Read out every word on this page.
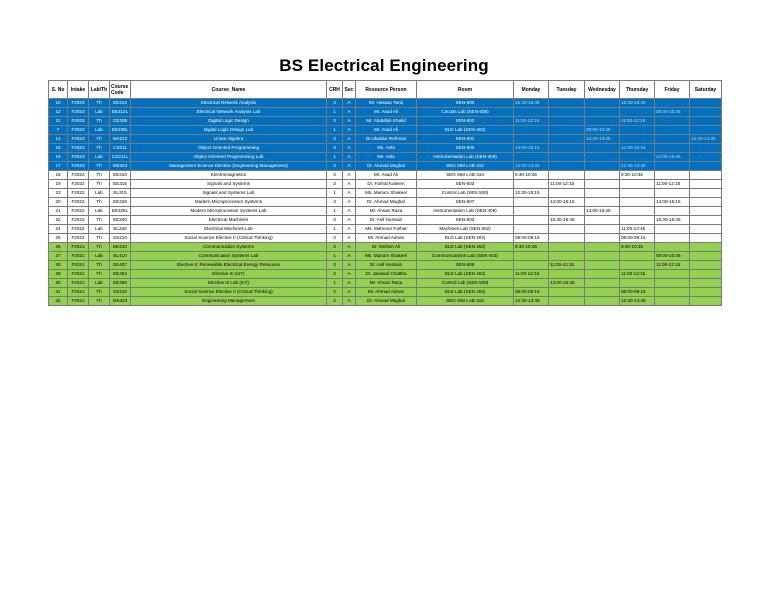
BS Electrical Engineering
S. No	Intake	Lab/Th	Course Code	Course_Name	CRH	Sec	Resource Person	Room	Monday	Tuesday	Wednesday	Thursday	Friday	Saturday
10	F2023	Th	EE212	Electrical Network Analysis	3	A	Mr. Hassan Tariq	SEN-603	15:30-16:45			15:30-16:45		
12	F2023	Lab	EE212L	Electrical Network Analysis Lab	1	A	Mr. Asad Ali	Circuits Lab (SEN-408)					08:00-10:45	
11	F2023	Th	CE339	Digital Logic Design	3	A	Mr. Abdullah Khalid	SEN-603	11:00-12:15			11:00-12:15		
7	F2023	Lab	EE239L	Digital Logic Design Lab	1	A	Mr. Asad Ali	DLD Lab (SEN-402)			08:00-10:45			
14	F2023	Th	MA212	Linear Algebra	3	A	Dr.Ubaidur Rehman	SEN-601			12:30-13:45			12:30-13:45
15	F2023	Th	CS211	Object Oriented Programming	3	A	Ms. Asfa	SEN-603	14:00-15:15			14:00-15:15		
16	F2023	Lab	CS211L	Object Oriented Programming Lab	1	A	Ms. Asfa	Instrumentation Lab (SEN-409)					14:00-16:45	
17	F2023	Th	MS323	Management Science Elective (Engineering Management)	3	A	Dr. Ahmad Mughal	SEN SIM LAB 310	12:30-13:45			12:30-13:45		
18	F2022	Th	EE310	Electromagnetics	3	A	Mr. Asad Ali	SEN SIM LAB 310	9:30-10:45			9:30-10:45		
19	F2022	Th	EE315	Signals and Systems	3	A	Dr. Farhat Kaleem	SEN-603		11:00-12:15			11:00-12:15	
23	F2022	Lab	EL315	Signals and Systems Lab	1	A	Ms. Marium Shakeel	Control Lab (SEN 509)	12:30-15:15					
20	F2022	Th	EE328	Modern Microprocessor Systems	3	A	Dr. Ahmad Mughal	SEN-607		14:00-15:15			14:00-15:15	
21	F2022	Lab	EE328L	Modern Microprocessor Systems Lab	1	A	Mr. Ahsan Raza	Instrumentation Lab (SEN 409)			14:00-16:45			
22	F2022	Th	EE340	Electrical Machines	3	A	Dr. Asif Hussain	SEN-603		15:30-16:45			15:30-16:45	
24	F2022	Lab	EL340	Electrical Machines Lab	1	A	Ms. Mahnoor Farhat	Machines Lab (SEN 502)				11:00-13:45		
25	F2022	Th	SS210	Social Science Elective II (Critical Thinking)	3	A	Mr. Ahmad Adnan	DLD Lab (SEN 402)	08:00-09:15			08:00-09:15		
26	F2021	Th	EE410	Communication Systems	3	A	Dr. Mohsin Ali	DLD Lab (SEN 402)	9:30-10:45			9:30-10:45		
27	F2021	Lab	EL410	Communication Systems Lab	1	A	Ms. Marium Shakeel	Communications Lab (SEN-403)					08:00-10:45	
28	F2021	Th	EE407	Elective II: Renewable Electrical Energy Resouces	3	A	Dr. Asif Hussain	SEN-608		11:00-12:15			11:00-12:15	
29	F2021	Th	EE453	Elective III (IoT)	3	A	Dr. Jawwad Chattha	DLD Lab (SEN 402)	11:00-12:15			11:00-12:15		
30	F2021	Lab	EE456	Elective III Lab (IoT)	1	A	Mr. Ahsan Raza	Control Lab (SEN 509)		14:00-16:45				
31	F2021	Th	SS210	Social Science Elective II (Critical Thinking)	2	A	Mr. Ahmad Adnan	DLD Lab (SEN 402)	08:00-09:15			08:00-09:15		
32	F2021	Th	MS323	Engineering Management	2	A	Dr. Ahmad Mughal	SEN SIM LAB 310	12:30-13:45			12:30-13:45		
